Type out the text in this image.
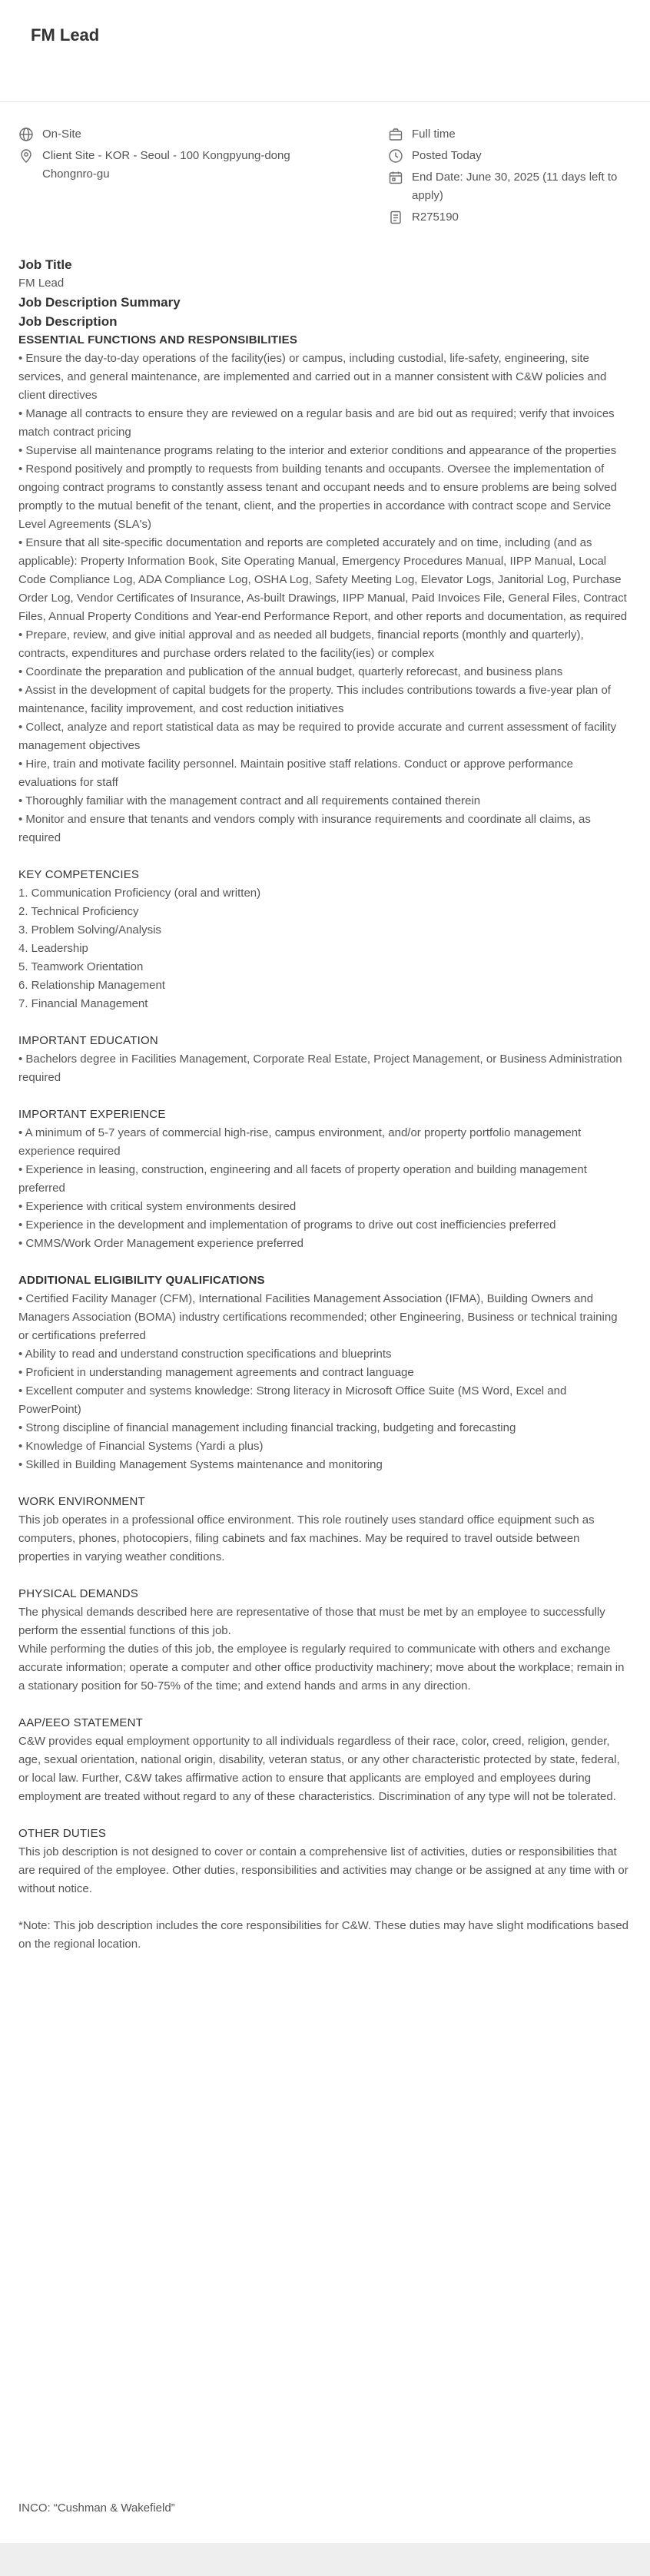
FM Lead
On-Site
Client Site - KOR - Seoul - 100 Kongpyung-dong Chongnro-gu
Full time
Posted Today
End Date: June 30, 2025 (11 days left to apply)
R275190
Job Title
FM Lead
Job Description Summary
Job Description
ESSENTIAL FUNCTIONS AND RESPONSIBILITIES
• Ensure the day-to-day operations of the facility(ies) or campus, including custodial, life-safety, engineering, site services, and general maintenance, are implemented and carried out in a manner consistent with C&W policies and client directives
• Manage all contracts to ensure they are reviewed on a regular basis and are bid out as required; verify that invoices match contract pricing
• Supervise all maintenance programs relating to the interior and exterior conditions and appearance of the properties
• Respond positively and promptly to requests from building tenants and occupants. Oversee the implementation of ongoing contract programs to constantly assess tenant and occupant needs and to ensure problems are being solved promptly to the mutual benefit of the tenant, client, and the properties in accordance with contract scope and Service Level Agreements (SLA's)
• Ensure that all site-specific documentation and reports are completed accurately and on time, including (and as applicable): Property Information Book, Site Operating Manual, Emergency Procedures Manual, IIPP Manual, Local Code Compliance Log, ADA Compliance Log, OSHA Log, Safety Meeting Log, Elevator Logs, Janitorial Log, Purchase Order Log, Vendor Certificates of Insurance, As-built Drawings, IIPP Manual, Paid Invoices File, General Files, Contract Files, Annual Property Conditions and Year-end Performance Report, and other reports and documentation, as required
• Prepare, review, and give initial approval and as needed all budgets, financial reports (monthly and quarterly), contracts, expenditures and purchase orders related to the facility(ies) or complex
• Coordinate the preparation and publication of the annual budget, quarterly reforecast, and business plans
• Assist in the development of capital budgets for the property. This includes contributions towards a five-year plan of maintenance, facility improvement, and cost reduction initiatives
• Collect, analyze and report statistical data as may be required to provide accurate and current assessment of facility management objectives
• Hire, train and motivate facility personnel. Maintain positive staff relations. Conduct or approve performance evaluations for staff
• Thoroughly familiar with the management contract and all requirements contained therein
• Monitor and ensure that tenants and vendors comply with insurance requirements and coordinate all claims, as required
KEY COMPETENCIES
1. Communication Proficiency (oral and written)
2. Technical Proficiency
3. Problem Solving/Analysis
4. Leadership
5. Teamwork Orientation
6. Relationship Management
7. Financial Management
IMPORTANT EDUCATION
• Bachelors degree in Facilities Management, Corporate Real Estate, Project Management, or Business Administration required
IMPORTANT EXPERIENCE
• A minimum of 5-7 years of commercial high-rise, campus environment, and/or property portfolio management experience required
• Experience in leasing, construction, engineering and all facets of property operation and building management preferred
• Experience with critical system environments desired
• Experience in the development and implementation of programs to drive out cost inefficiencies preferred
• CMMS/Work Order Management experience preferred
ADDITIONAL ELIGIBILITY QUALIFICATIONS
• Certified Facility Manager (CFM), International Facilities Management Association (IFMA), Building Owners and Managers Association (BOMA) industry certifications recommended; other Engineering, Business or technical training or certifications preferred
• Ability to read and understand construction specifications and blueprints
• Proficient in understanding management agreements and contract language
• Excellent computer and systems knowledge: Strong literacy in Microsoft Office Suite (MS Word, Excel and PowerPoint)
• Strong discipline of financial management including financial tracking, budgeting and forecasting
• Knowledge of Financial Systems (Yardi a plus)
• Skilled in Building Management Systems maintenance and monitoring
WORK ENVIRONMENT
This job operates in a professional office environment. This role routinely uses standard office equipment such as computers, phones, photocopiers, filing cabinets and fax machines. May be required to travel outside between properties in varying weather conditions.
PHYSICAL DEMANDS
The physical demands described here are representative of those that must be met by an employee to successfully perform the essential functions of this job.
While performing the duties of this job, the employee is regularly required to communicate with others and exchange accurate information; operate a computer and other office productivity machinery; move about the workplace; remain in a stationary position for 50-75% of the time; and extend hands and arms in any direction.
AAP/EEO STATEMENT
C&W provides equal employment opportunity to all individuals regardless of their race, color, creed, religion, gender, age, sexual orientation, national origin, disability, veteran status, or any other characteristic protected by state, federal, or local law. Further, C&W takes affirmative action to ensure that applicants are employed and employees during employment are treated without regard to any of these characteristics. Discrimination of any type will not be tolerated.
OTHER DUTIES
This job description is not designed to cover or contain a comprehensive list of activities, duties or responsibilities that are required of the employee. Other duties, responsibilities and activities may change or be assigned at any time with or without notice.
*Note: This job description includes the core responsibilities for C&W. These duties may have slight modifications based on the regional location.
INCO: “Cushman & Wakefield”
